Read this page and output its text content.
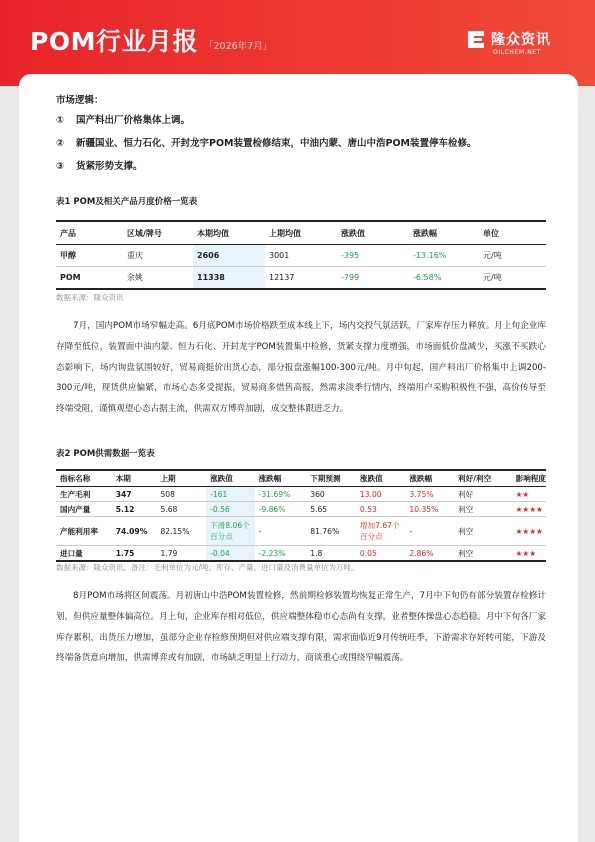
POM行业月报 「2026年7月」	隆众资讯
OILCHEM.NET
市场逻辑：
① 国产料出厂价格集体上调。
② 新疆国业、恒力石化、开封龙宇POM装置检修结束，中油内蒙、唐山中浩POM装置停车检修。
③ 货紧形势支撑。
表1 POM及相关产品月度价格一览表
产品	区域/牌号	本期均值	上期均值	涨跌值	涨跌幅	单位
甲醇	重庆	2606	3001	-395	-13.16%	元/吨
POM	余姚	11338	12137	-799	-6.58%	元/吨
数据来源：隆众资讯
7月，国内POM市场窄幅走高。6月底POM市场价格跌至成本线上下，场内交投气氛活跃，厂家库存压力释放。月上旬企业库存降至低位，装置面中油内蒙、恒力石化、开封龙宇POM装置集中检修，货紧支撑力度增强，市场面低价盘减少，买涨不买跌心态影响下，场内询盘氛围较好，贸易商挺价出货心态，部分报盘涨幅100-300元/吨。月中旬起，国产料出厂价格集中上调200-300元/吨，现货供应偏紧，市场心态多受提振，贸易商多惜售高报，然需求淡季行情内，终端用户采购积极性不强，高价传导至终端受阻，谨慎观望心态占据主流，供需双方博弈加剧，成交整体跟进乏力。
表2 POM供需数据一览表
指标名称	本期	上期	涨跌值	涨跌幅	下期预测	涨跌值	涨跌幅	利好/利空	影响程度
生产毛利	347	508	-161	-31.69%	360	13.00	3.75%	利好	★★
国内产量	5.12	5.68	-0.56	-9.86%	5.65	0.53	10.35%	利空	★★★★
产能利用率	74.09%	82.15%	下滑8.06个百分点	-	81.76%	增加7.67个百分点	-	利空	★★★★
进口量	1.75	1.79	-0.04	-2.23%	1.8	0.05	2.86%	利空	★★★
数据来源：隆众资讯。备注：毛利单位为元/吨；库存、产量、进口量及消费量单位为万吨。
8月POM市场将区间震荡。月初唐山中浩POM装置检修，然前期检修装置均恢复正常生产，7月中下旬仍有部分装置存检修计划，但供应量整体偏高位。月上旬，企业库存相对低位，供应端整体稳市心态尚有支撑，业者整体操盘心态趋稳。月中下旬各厂家库存累积，出货压力增加，虽部分企业存检修预期但对供应端支撑有限，需求面临近9月传统旺季，下游需求存好转可能，下游及终端备货意向增加，供需博弈或有加剧，市场缺乏明显上行动力，商谈重心或围绕窄幅震荡。
